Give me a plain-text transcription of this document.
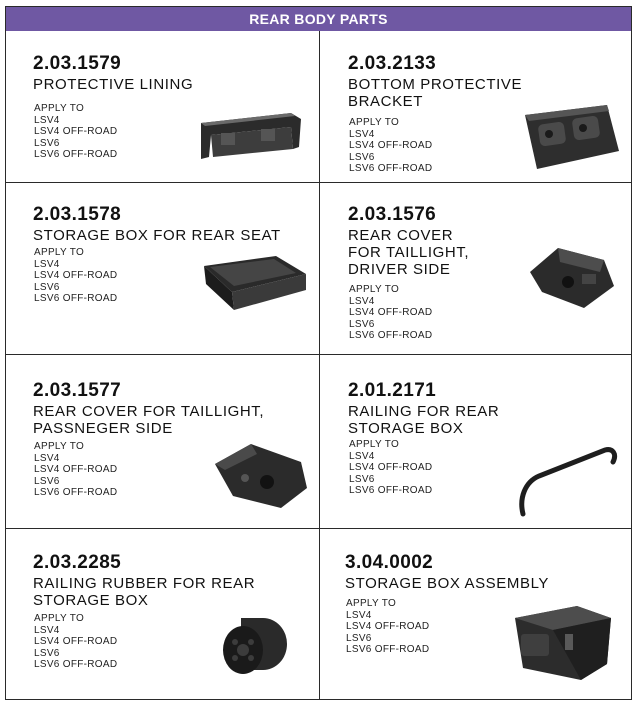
REAR BODY PARTS
2.03.1579
PROTECTIVE LINING
APPLY TO
LSV4
LSV4 OFF-ROAD
LSV6
LSV6 OFF-ROAD
2.03.2133
BOTTOM PROTECTIVE BRACKET
APPLY TO
LSV4
LSV4 OFF-ROAD
LSV6
LSV6 OFF-ROAD
2.03.1578
STORAGE BOX FOR REAR SEAT
APPLY TO
LSV4
LSV4 OFF-ROAD
LSV6
LSV6 OFF-ROAD
2.03.1576
REAR COVER FOR TAILLIGHT, DRIVER SIDE
APPLY TO
LSV4
LSV4 OFF-ROAD
LSV6
LSV6 OFF-ROAD
2.03.1577
REAR COVER FOR TAILLIGHT, PASSNEGER SIDE
APPLY TO
LSV4
LSV4 OFF-ROAD
LSV6
LSV6 OFF-ROAD
2.01.2171
RAILING FOR REAR STORAGE BOX
APPLY TO
LSV4
LSV4 OFF-ROAD
LSV6
LSV6 OFF-ROAD
2.03.2285
RAILING RUBBER FOR REAR STORAGE BOX
APPLY TO
LSV4
LSV4 OFF-ROAD
LSV6
LSV6 OFF-ROAD
3.04.0002
STORAGE BOX ASSEMBLY
APPLY TO
LSV4
LSV4 OFF-ROAD
LSV6
LSV6 OFF-ROAD
